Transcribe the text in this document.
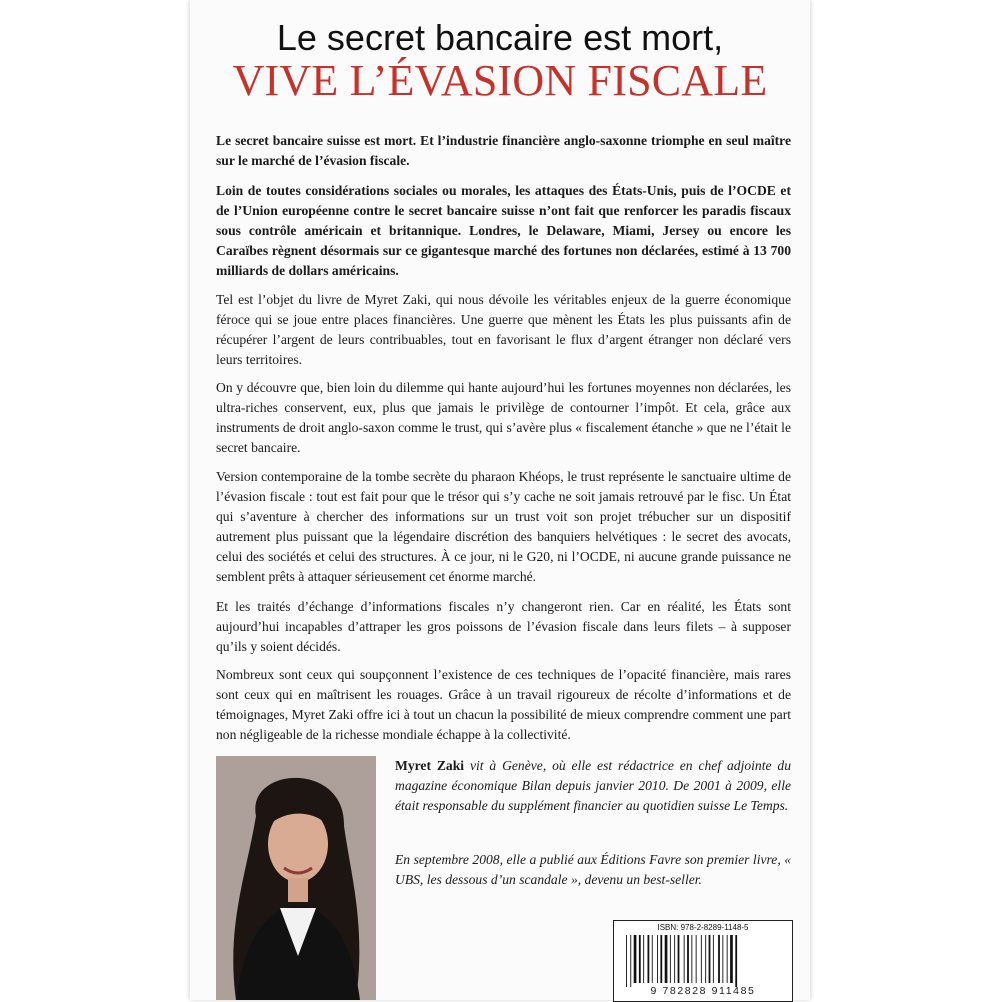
Le secret bancaire est mort,
VIVE L’ÉVASION FISCALE

Le secret bancaire suisse est mort. Et l’industrie financière anglo-saxonne triomphe en seul maître sur le marché de l’évasion fiscale.

Loin de toutes considérations sociales ou morales, les attaques des États-Unis, puis de l’OCDE et de l’Union européenne contre le secret bancaire suisse n’ont fait que renforcer les paradis fiscaux sous contrôle américain et britannique. Londres, le Delaware, Miami, Jersey ou encore les Caraïbes règnent désormais sur ce gigantesque marché des fortunes non déclarées, estimé à 13 700 milliards de dollars américains.

Tel est l’objet du livre de Myret Zaki, qui nous dévoile les véritables enjeux de la guerre économique féroce qui se joue entre places financières. Une guerre que mènent les États les plus puissants afin de récupérer l’argent de leurs contribuables, tout en favorisant le flux d’argent étranger non déclaré vers leurs territoires.

On y découvre que, bien loin du dilemme qui hante aujourd’hui les fortunes moyennes non déclarées, les ultra-riches conservent, eux, plus que jamais le privilège de contourner l’impôt. Et cela, grâce aux instruments de droit anglo-saxon comme le trust, qui s’avère plus « fiscalement étanche » que ne l’était le secret bancaire.

Version contemporaine de la tombe secrète du pharaon Khéops, le trust représente le sanctuaire ultime de l’évasion fiscale : tout est fait pour que le trésor qui s’y cache ne soit jamais retrouvé par le fisc. Un État qui s’aventure à chercher des informations sur un trust voit son projet trébucher sur un dispositif autrement plus puissant que la légendaire discrétion des banquiers helvétiques : le secret des avocats, celui des sociétés et celui des structures. À ce jour, ni le G20, ni l’OCDE, ni aucune grande puissance ne semblent prêts à attaquer sérieusement cet énorme marché.

Et les traités d’échange d’informations fiscales n’y changeront rien. Car en réalité, les États sont aujourd’hui incapables d’attraper les gros poissons de l’évasion fiscale dans leurs filets – à supposer qu’ils y soient décidés.

Nombreux sont ceux qui soupçonnent l’existence de ces techniques de l’opacité financière, mais rares sont ceux qui en maîtrisent les rouages. Grâce à un travail rigoureux de récolte d’informations et de témoignages, Myret Zaki offre ici à tout un chacun la possibilité de mieux comprendre comment une part non négligeable de la richesse mondiale échappe à la collectivité.

Myret Zaki vit à Genève, où elle est rédactrice en chef adjointe du magazine économique Bilan depuis janvier 2010. De 2001 à 2009, elle était responsable du supplément financier au quotidien suisse Le Temps.

En septembre 2008, elle a publié aux Éditions Favre son premier livre, « UBS, les dessous d’un scandale », devenu un best-seller.

ISBN: 978-2-8289-1148-5
9 782828 911485
